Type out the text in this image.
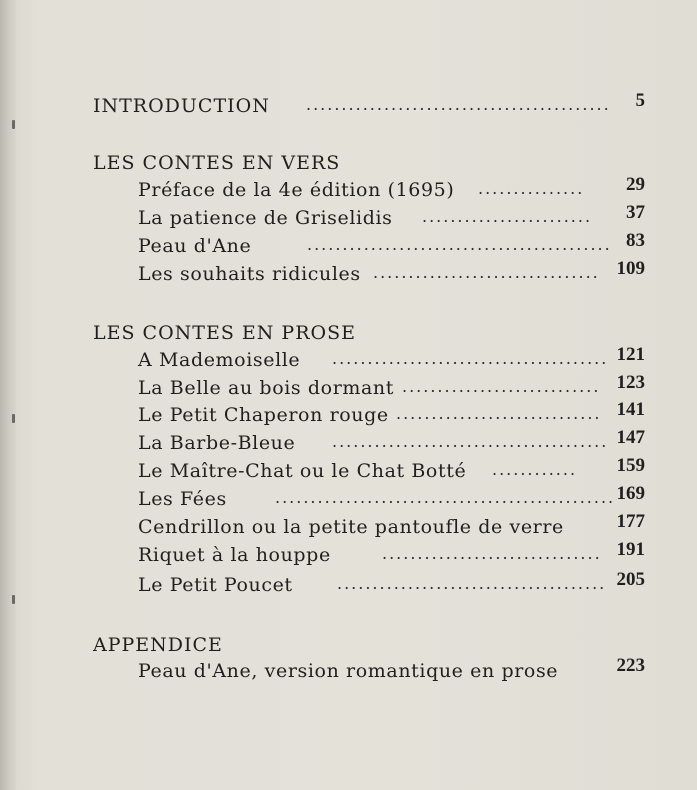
INTRODUCTION ...........................................	5
LES CONTES EN VERS
Préface de la 4e édition (1695) ...............	29
La patience de Griselidis ........................	37
Peau d'Ane	........................................... 83
Les souhaits ridicules ................................ 109
LES CONTES EN PROSE
A Mademoiselle ....................................... 121
La Belle au bois dormant ............................ 123
Le Petit Chaperon rouge ............................. 141
La Barbe-Bleue ....................................... 147
Le Maître-Chat ou le Chat Botté ............	159
Les Fées	................................................ 169
Cendrillon ou la petite pantoufle de verre	177
Riquet à la houppe	............................... 191
Le Petit Poucet	...................................... 205
APPENDICE
Peau d'Ane, version romantique en prose	223
